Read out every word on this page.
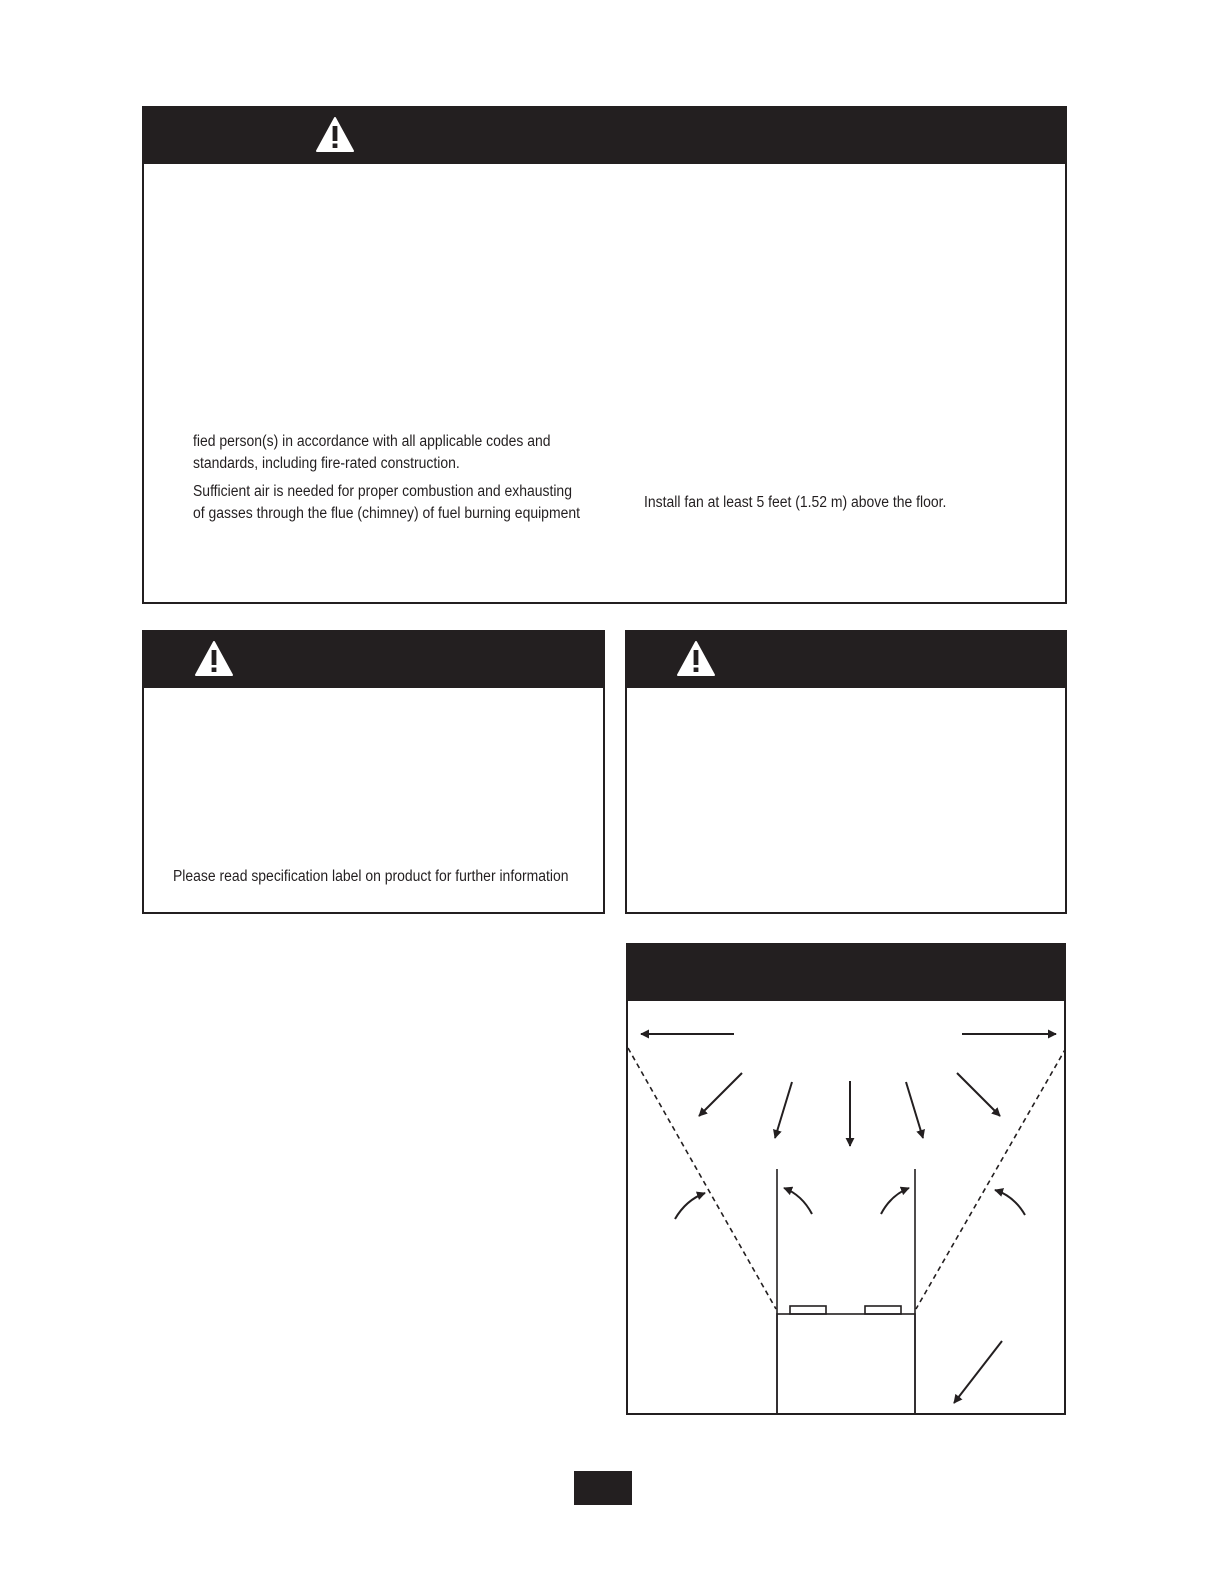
fied person(s) in accordance with all applicable codes and
standards, including fire-rated construction.
Sufficient air is needed for proper combustion and exhausting
of gasses through the flue (chimney) of fuel burning equipment
Install fan at least 5 feet (1.52 m) above the floor.
Please read specification label on product for further information
